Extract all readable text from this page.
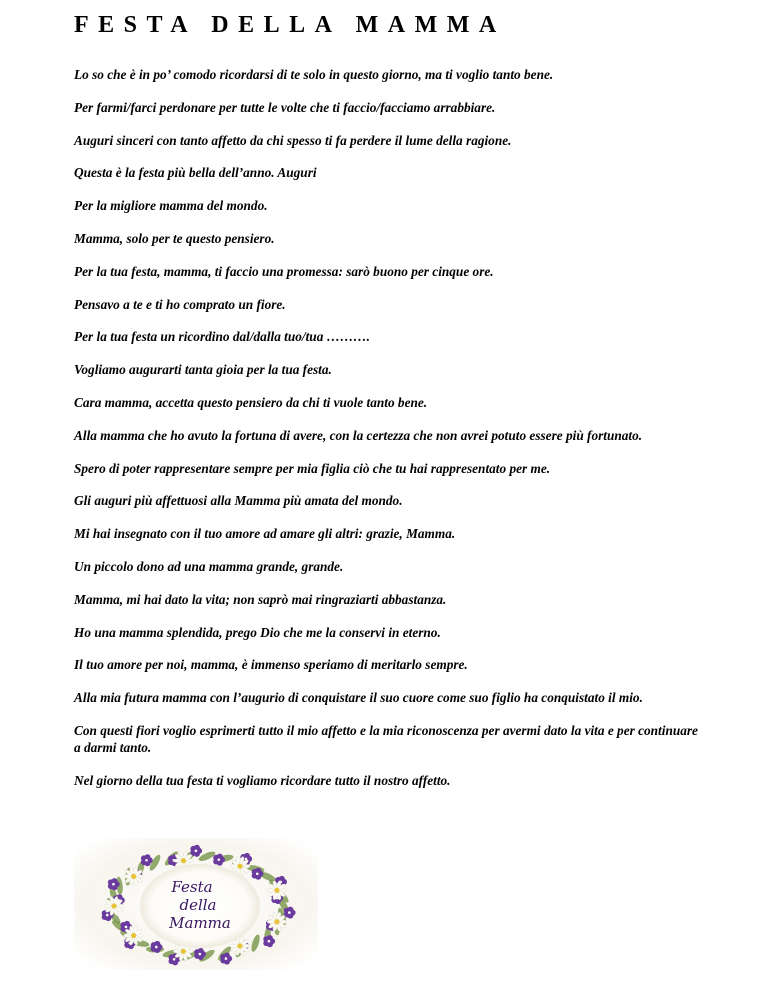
FESTA DELLA MAMMA
Lo so che è in po’ comodo ricordarsi di te solo in questo giorno, ma ti voglio tanto bene.
Per farmi/farci perdonare per tutte le volte che ti faccio/facciamo arrabbiare.
Auguri sinceri con tanto affetto da chi spesso ti fa perdere il lume della ragione.
Questa è la festa più bella dell’anno. Auguri
Per la migliore mamma del mondo.
Mamma, solo per te questo pensiero.
Per la tua festa, mamma, ti faccio una promessa: sarò buono per cinque ore.
Pensavo a te e ti ho comprato un fiore.
Per la tua festa un ricordino dal/dalla tuo/tua ……….
Vogliamo augurarti tanta gioia per la tua festa.
Cara mamma, accetta questo pensiero da chi ti vuole tanto bene.
Alla mamma che ho avuto la fortuna di avere, con la certezza che non avrei potuto essere più fortunato.
Spero di poter rappresentare sempre per mia figlia ciò che tu hai rappresentato per me.
Gli auguri più affettuosi alla Mamma più amata del mondo.
Mi hai insegnato con il tuo amore ad amare gli altri: grazie, Mamma.
Un piccolo dono ad una mamma grande, grande.
Mamma, mi hai dato la vita; non saprò mai ringraziarti abbastanza.
Ho una mamma splendida, prego Dio che me la conservi in eterno.
Il tuo amore per noi, mamma, è immenso speriamo di meritarlo sempre.
Alla mia futura mamma con l’augurio di conquistare il suo cuore come suo figlio ha conquistato il mio.
Con questi fiori voglio esprimerti tutto il mio affetto e la mia riconoscenza per avermi dato la vita e per continuare a darmi tanto.
Nel giorno della tua festa ti vogliamo ricordare tutto il nostro affetto.
Festa
della
Mamma
